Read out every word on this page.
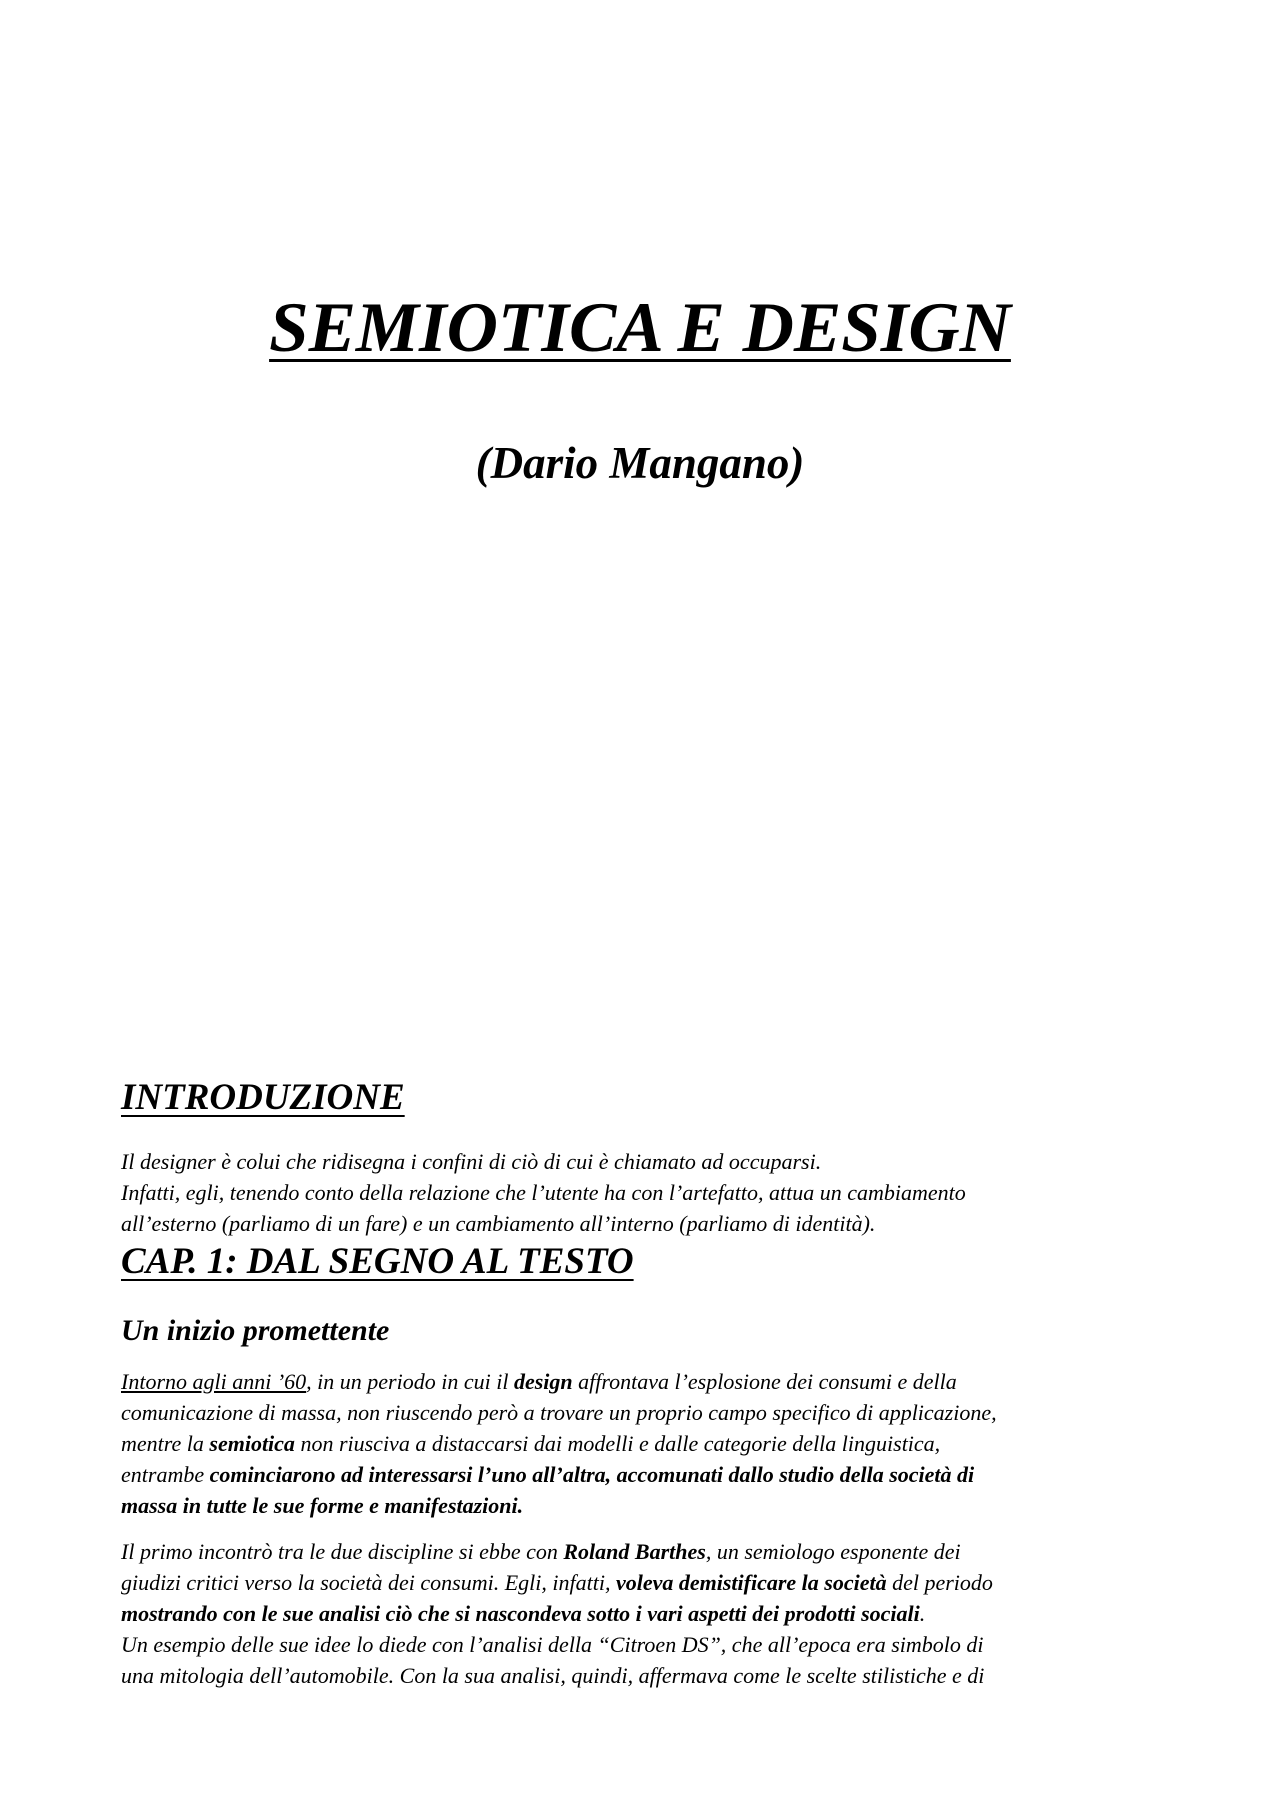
SEMIOTICA E DESIGN
(Dario Mangano)
INTRODUZIONE
Il designer è colui che ridisegna i confini di ciò di cui è chiamato ad occuparsi.
Infatti, egli, tenendo conto della relazione che l’utente ha con l’artefatto, attua un cambiamento
all’esterno (parliamo di un fare) e un cambiamento all’interno (parliamo di identità).
CAP. 1: DAL SEGNO AL TESTO
Un inizio promettente
Intorno agli anni ’60, in un periodo in cui il design affrontava l’esplosione dei consumi e della
comunicazione di massa, non riuscendo però a trovare un proprio campo specifico di applicazione,
mentre la semiotica non riusciva a distaccarsi dai modelli e dalle categorie della linguistica,
entrambe cominciarono ad interessarsi l’uno all’altra, accomunati dallo studio della società di
massa in tutte le sue forme e manifestazioni.
Il primo incontrò tra le due discipline si ebbe con Roland Barthes, un semiologo esponente dei
giudizi critici verso la società dei consumi. Egli, infatti, voleva demistificare la società del periodo
mostrando con le sue analisi ciò che si nascondeva sotto i vari aspetti dei prodotti sociali.
Un esempio delle sue idee lo diede con l’analisi della “Citroen DS”, che all’epoca era simbolo di
una mitologia dell’automobile. Con la sua analisi, quindi, affermava come le scelte stilistiche e di
